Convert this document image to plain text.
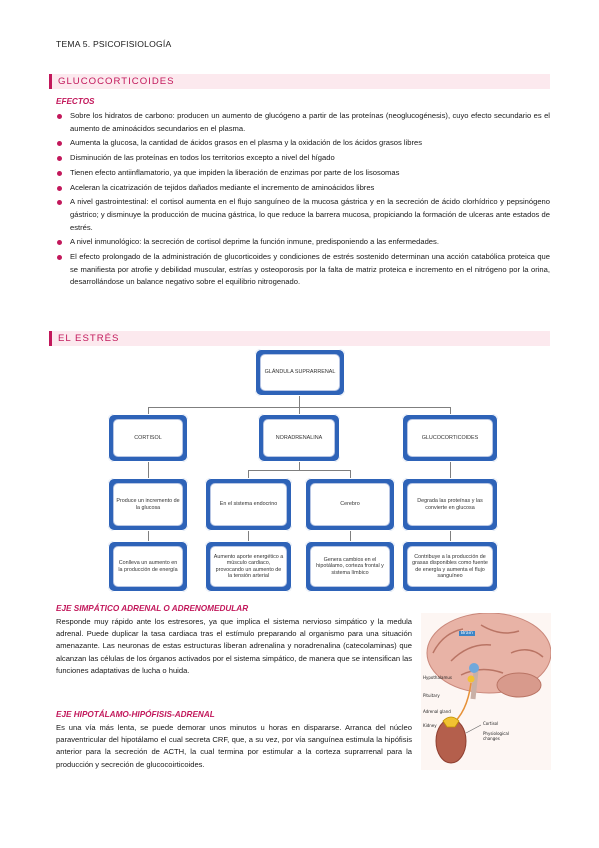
TEMA 5. PSICOFISIOLOGÍA
GLUCOCORTICOIDES
EFECTOS
Sobre los hidratos de carbono: producen un aumento de glucógeno a partir de las proteínas (neoglucogénesis), cuyo efecto secundario es el aumento de aminoácidos secundarios en el plasma.
Aumenta la glucosa, la cantidad de ácidos grasos en el plasma y la oxidación de los ácidos grasos libres
Disminución de las proteínas en todos los territorios excepto a nivel del hígado
Tienen efecto antiinflamatorio, ya que impiden la liberación de enzimas por parte de los lisosomas
Aceleran la cicatrización de tejidos dañados mediante el incremento de aminoácidos libres
A nivel gastrointestinal: el cortisol aumenta en el flujo sanguíneo de la mucosa gástrica y en la secreción de ácido clorhídrico y pepsinógeno gástrico; y disminuye la producción de mucina gástrica, lo que reduce la barrera mucosa, propiciando la formación de ulceras ante estados de estrés.
A nivel inmunológico: la secreción de cortisol deprime la función inmune, predisponiendo a las enfermedades.
El efecto prolongado de la administración de glucorticoides y condiciones de estrés sostenido determinan una acción catabólica proteica que se manifiesta por atrofie y debilidad muscular, estrías y osteoporosis por la falta de matriz proteica e incremento en el nitrógeno por la orina, desarrollándose un balance negativo sobre el equilibrio nitrogenado.
EL ESTRÉS
GLÁNDULA SUPRARRENAL
CORTISOL	NORADRENALINA	GLUCOCORTICOIDES
Produce un incremento de la glucosa
En el sistema endocrino	Cerebro
Degrada las proteínas y las convierte en glucosa
Conlleva un aumento en la producción de energía
Aumento aporte energético a músculo cardiaco, provocando un aumento de la tensión arterial
Genera cambios en el hipotálamo, corteza frontal y sistema límbico
Contribuye a la producción de grasas disponibles como fuente de energía y aumenta el flujo sanguíneo
EJE SIMPÁTICO ADRENAL O ADRENOMEDULAR
Responde muy rápido ante los estresores, ya que implica el sistema nervioso simpático y la medula adrenal. Puede duplicar la tasa cardiaca tras el estímulo preparando al organismo para una situación amenazante. Las neuronas de estas estructuras liberan adrenalina y noradrenalina (catecolaminas) que alcanzan las células de los órganos activados por el sistema simpático, de manera que se intensifican las funciones adaptativas de lucha o huida.
EJE HIPOTÁLAMO-HIPÓFISIS-ADRENAL
Es una vía más lenta, se puede demorar unos minutos u horas en dispararse. Arranca del núcleo paraventricular del hipotálamo el cual secreta CRF, que, a su vez, por vía sanguínea estimula la hipófisis anterior para la secreción de ACTH, la cual termina por estimular a la corteza suprarrenal para la producción y secreción de glucocoirticoides.
Brain
Hypothalamus
Pituitary
Adrenal gland
Kidney	Cortisol
Physiological changes
